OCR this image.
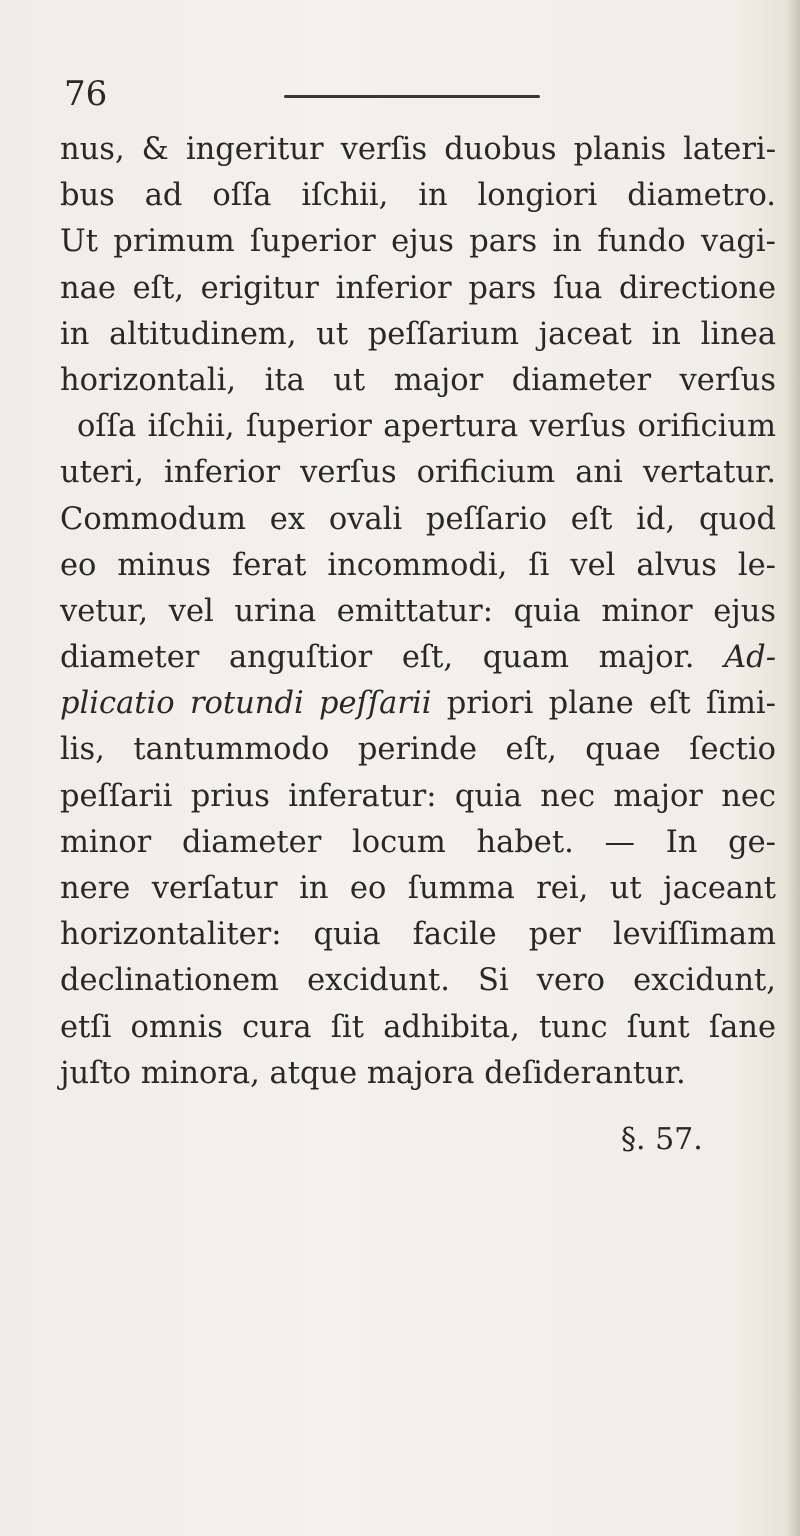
76
nus, & ingeritur verſis duobus planis lateri-
bus ad oſſa iſchii, in longiori diametro.
Ut primum ſuperior ejus pars in fundo vagi-
nae eſt, erigitur inferior pars ſua directione
in altitudinem, ut peſſarium jaceat in linea
horizontali, ita ut major diameter verſus
oſſa iſchii, ſuperior apertura verſus orificium
uteri, inferior verſus orificium ani vertatur.
Commodum ex ovali peſſario eſt id, quod
eo minus ferat incommodi, ſi vel alvus le-
vetur, vel urina emittatur: quia minor ejus
diameter anguſtior eſt, quam major. Ad-
plicatio rotundi peſſarii priori plane eſt ſimi-
lis, tantummodo perinde eſt, quae ſectio
peſſarii prius inferatur: quia nec major nec
minor diameter locum habet. — In ge-
nere verſatur in eo ſumma rei, ut jaceant
horizontaliter: quia facile per leviſſimam
declinationem excidunt. Si vero excidunt,
etſi omnis cura ſit adhibita, tunc ſunt ſane
juſto minora, atque majora deſiderantur.
§. 57.
